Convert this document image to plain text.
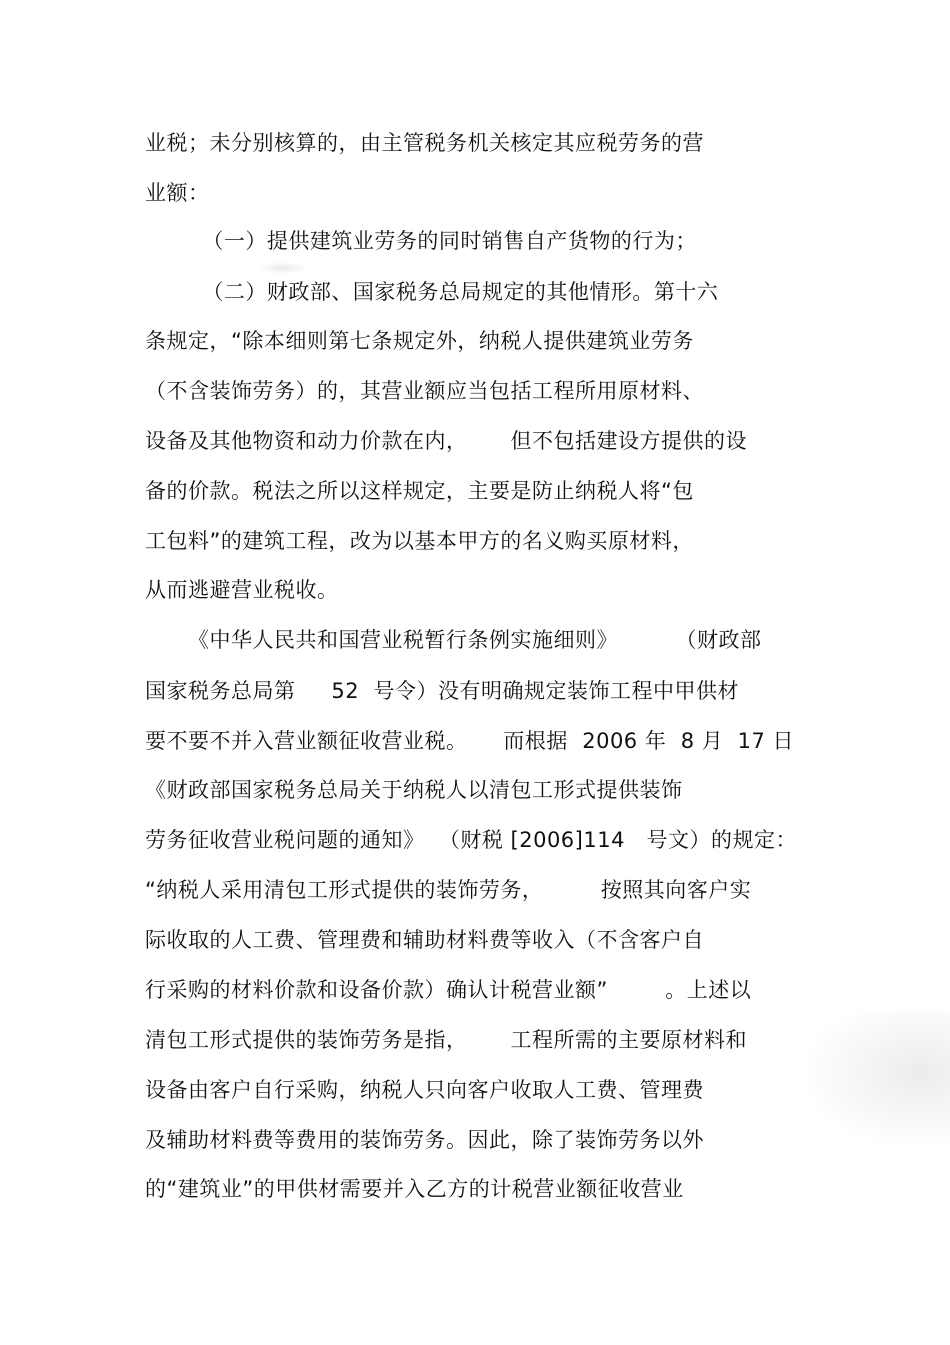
业税；未分别核算的，由主管税务机关核定其应税劳务的营
业额：
（一）提供建筑业劳务的同时销售自产货物的行为；
（二）财政部、国家税务总局规定的其他情形。第十六
条规定，“除本细则第七条规定外，纳税人提供建筑业劳务
（不含装饰劳务）的，其营业额应当包括工程所用原材料、
设备及其他物资和动力价款在内，      但不包括建设方提供的设
备的价款。税法之所以这样规定，主要是防止纳税人将“包
工包料”的建筑工程，改为以基本甲方的名义购买原材料，
从而逃避营业税收。
《中华人民共和国营业税暂行条例实施细则》        （财政部
国家税务总局第     52  号令）没有明确规定装饰工程中甲供材
要不要不并入营业额征收营业税。     而根据  2006 年  8 月  17 日
《财政部国家税务总局关于纳税人以清包工形式提供装饰
劳务征收营业税问题的通知》  （财税 [2006]114   号文）的规定：
“纳税人采用清包工形式提供的装饰劳务，        按照其向客户实
际收取的人工费、管理费和辅助材料费等收入（不含客户自
行采购的材料价款和设备价款）确认计税营业额”        。上述以
清包工形式提供的装饰劳务是指，      工程所需的主要原材料和
设备由客户自行采购，纳税人只向客户收取人工费、管理费
及辅助材料费等费用的装饰劳务。因此，除了装饰劳务以外
的“建筑业”的甲供材需要并入乙方的计税营业额征收营业
